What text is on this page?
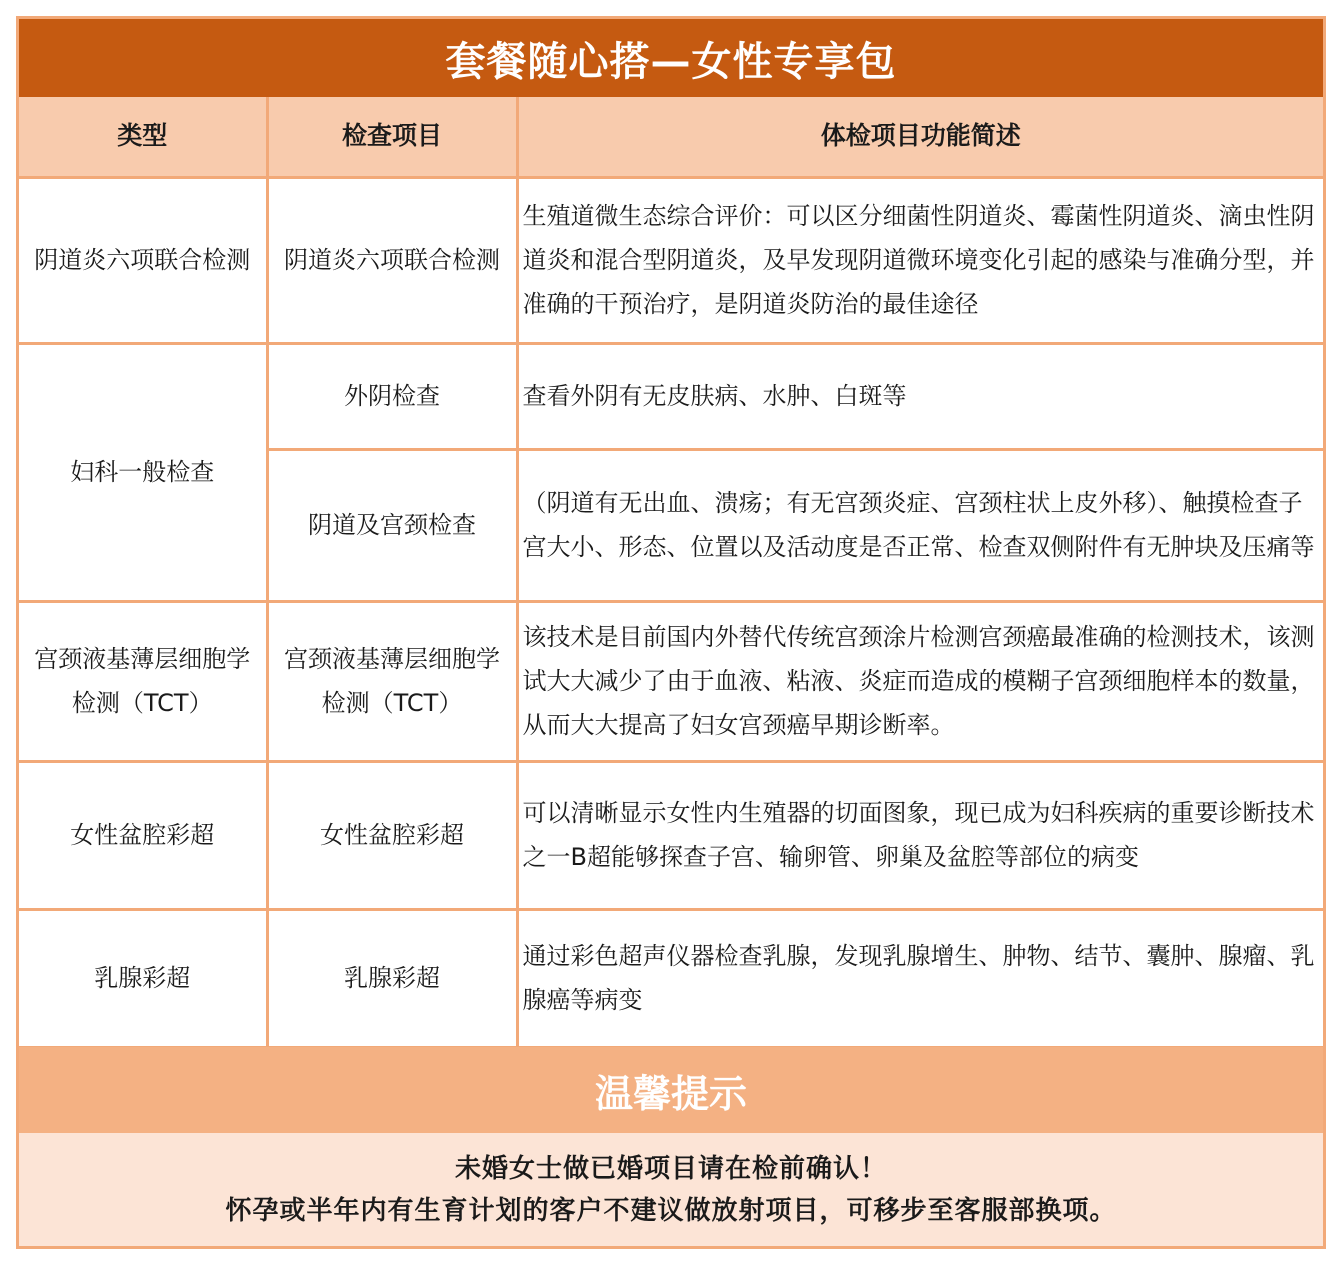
套餐随心搭—女性专享包
类型	检查项目	体检项目功能简述
阴道炎六项联合检测	阴道炎六项联合检测	生殖道微生态综合评价：可以区分细菌性阴道炎、霉菌性阴道炎、滴虫性阴道炎和混合型阴道炎，及早发现阴道微环境变化引起的感染与准确分型，并准确的干预治疗，是阴道炎防治的最佳途径
妇科一般检查	外阴检查	查看外阴有无皮肤病、水肿、白斑等
	阴道及宫颈检查	（阴道有无出血、溃疡；有无宫颈炎症、宫颈柱状上皮外移）、触摸检查子宫大小、形态、位置以及活动度是否正常、检查双侧附件有无肿块及压痛等
宫颈液基薄层细胞学检测（TCT）	宫颈液基薄层细胞学检测（TCT）	该技术是目前国内外替代传统宫颈涂片检测宫颈癌最准确的检测技术，该测试大大减少了由于血液、粘液、炎症而造成的模糊子宫颈细胞样本的数量，从而大大提高了妇女宫颈癌早期诊断率。
女性盆腔彩超	女性盆腔彩超	可以清晰显示女性内生殖器的切面图象，现已成为妇科疾病的重要诊断技术之一B超能够探查子宫、输卵管、卵巢及盆腔等部位的病变
乳腺彩超	乳腺彩超	通过彩色超声仪器检查乳腺，发现乳腺增生、肿物、结节、囊肿、腺瘤、乳腺癌等病变
温馨提示
未婚女士做已婚项目请在检前确认！
怀孕或半年内有生育计划的客户不建议做放射项目，可移步至客服部换项。
